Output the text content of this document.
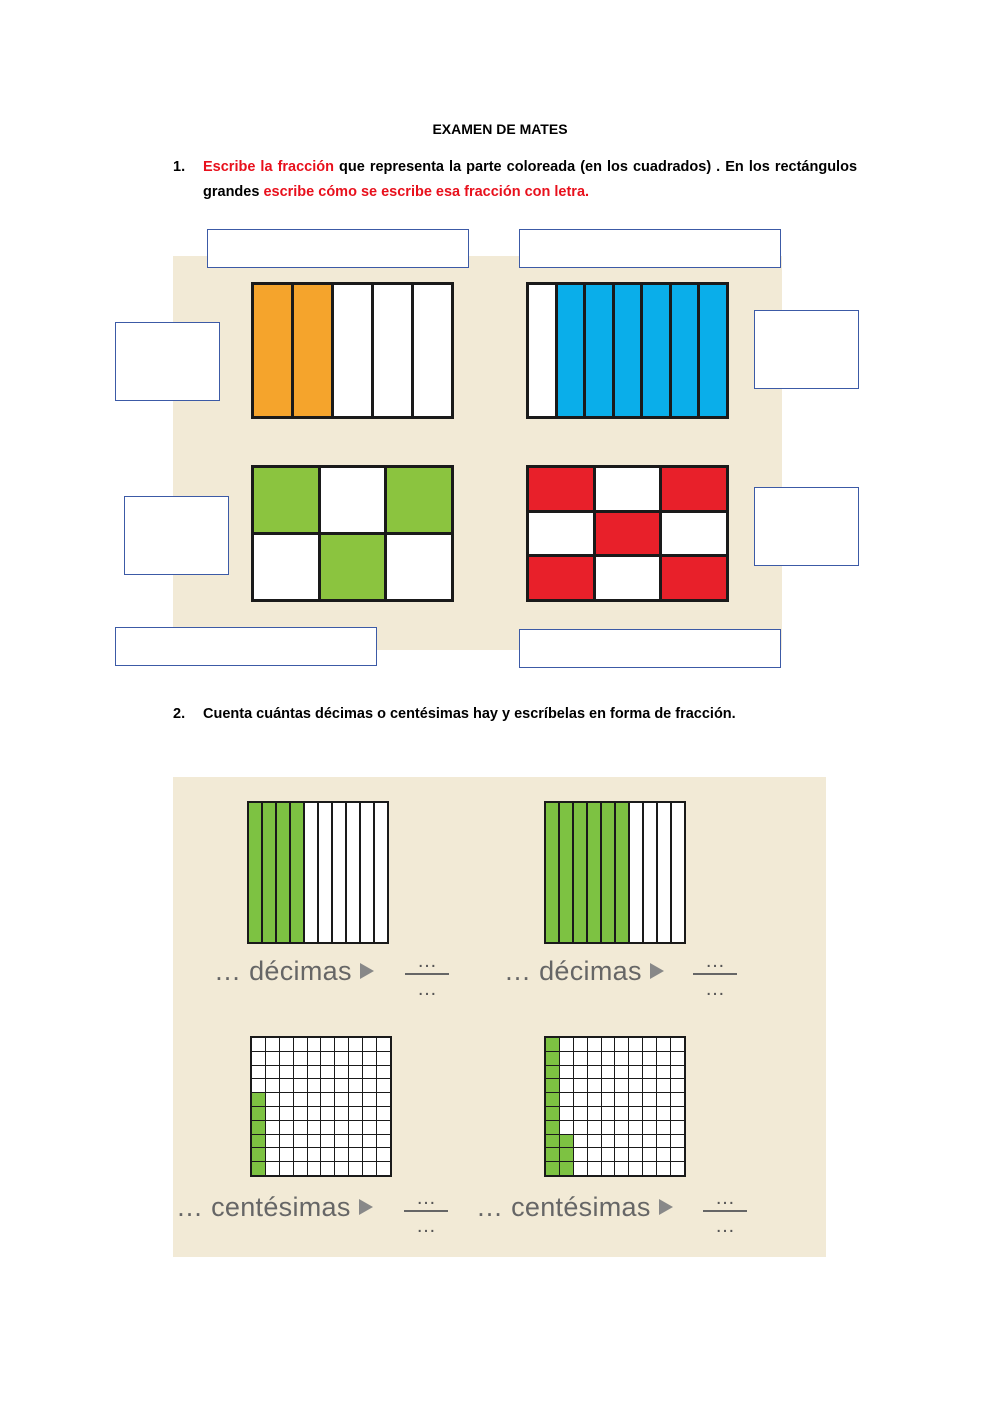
EXAMEN DE MATES
1. Escribe la fracción que representa la parte coloreada (en los cuadrados) . En los rectángulos grandes escribe cómo se escribe esa fracción con letra.
2. Cuenta cuántas décimas o centésimas hay y escríbelas en forma de fracción.
… décimas	…
…
… décimas	…
…
… centésimas	…
…
… centésimas	…
…
